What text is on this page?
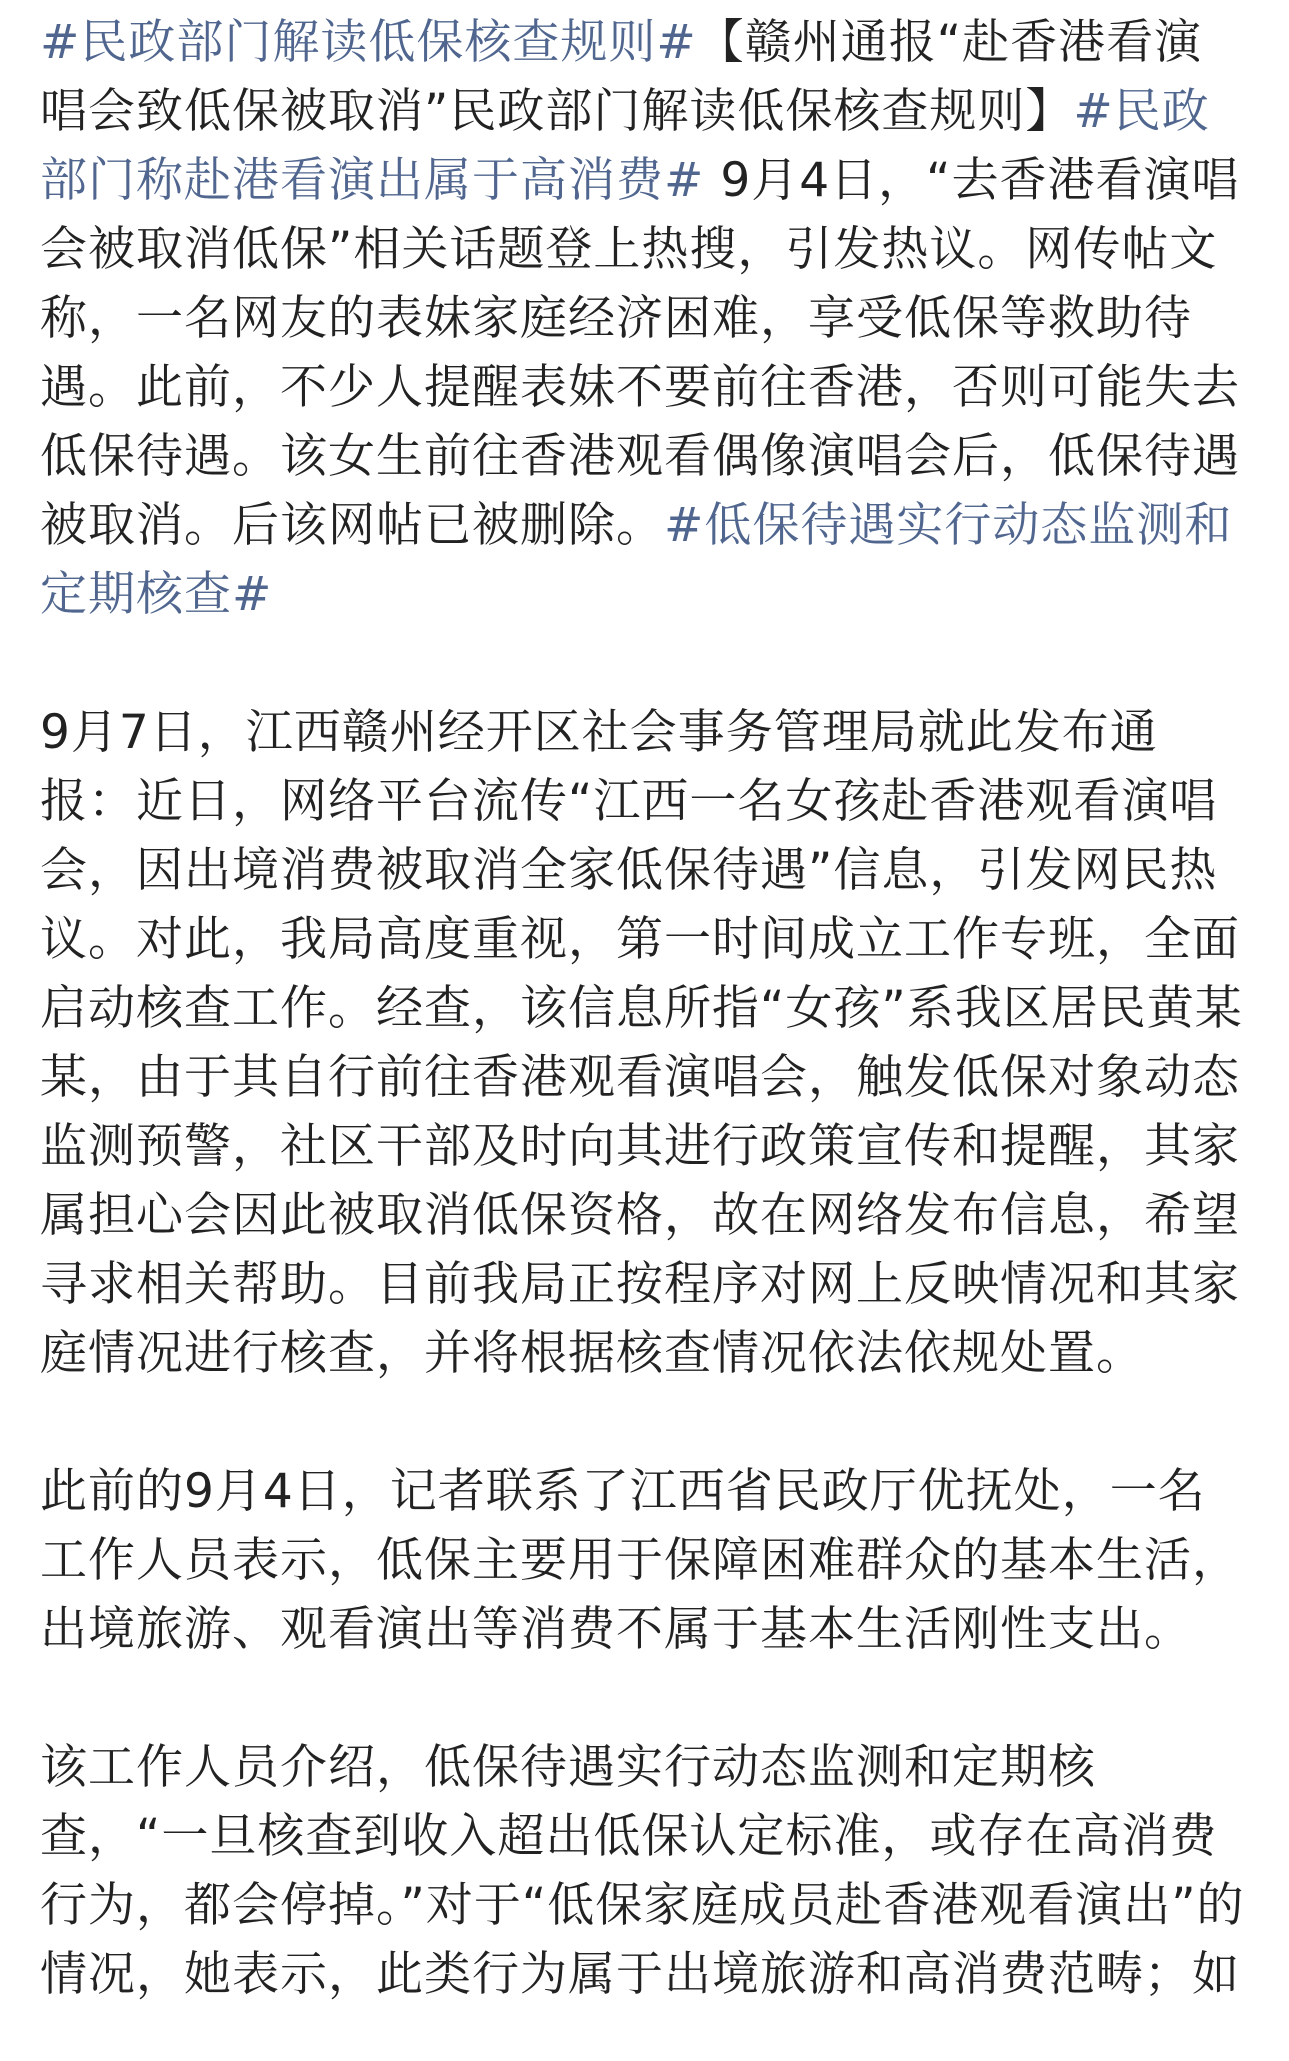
#民政部门解读低保核查规则#【赣州通报“赴香港看演唱会致低保被取消”民政部门解读低保核查规则】#民政部门称赴港看演出属于高消费# 9月4日，“去香港看演唱会被取消低保”相关话题登上热搜，引发热议。网传帖文称，一名网友的表妹家庭经济困难，享受低保等救助待遇。此前，不少人提醒表妹不要前往香港，否则可能失去低保待遇。该女生前往香港观看偶像演唱会后，低保待遇被取消。后该网帖已被删除。#低保待遇实行动态监测和定期核查#

9月7日，江西赣州经开区社会事务管理局就此发布通报：近日，网络平台流传“江西一名女孩赴香港观看演唱会，因出境消费被取消全家低保待遇”信息，引发网民热议。对此，我局高度重视，第一时间成立工作专班，全面启动核查工作。经查，该信息所指“女孩”系我区居民黄某某，由于其自行前往香港观看演唱会，触发低保对象动态监测预警，社区干部及时向其进行政策宣传和提醒，其家属担心会因此被取消低保资格，故在网络发布信息，希望寻求相关帮助。目前我局正按程序对网上反映情况和其家庭情况进行核查，并将根据核查情况依法依规处置。

此前的9月4日，记者联系了江西省民政厅优抚处，一名工作人员表示，低保主要用于保障困难群众的基本生活，出境旅游、观看演出等消费不属于基本生活刚性支出。

该工作人员介绍，低保待遇实行动态监测和定期核查，“一旦核查到收入超出低保认定标准，或存在高消费行为，都会停掉。”对于“低保家庭成员赴香港观看演出”的情况，她表示，此类行为属于出境旅游和高消费范畴；如
